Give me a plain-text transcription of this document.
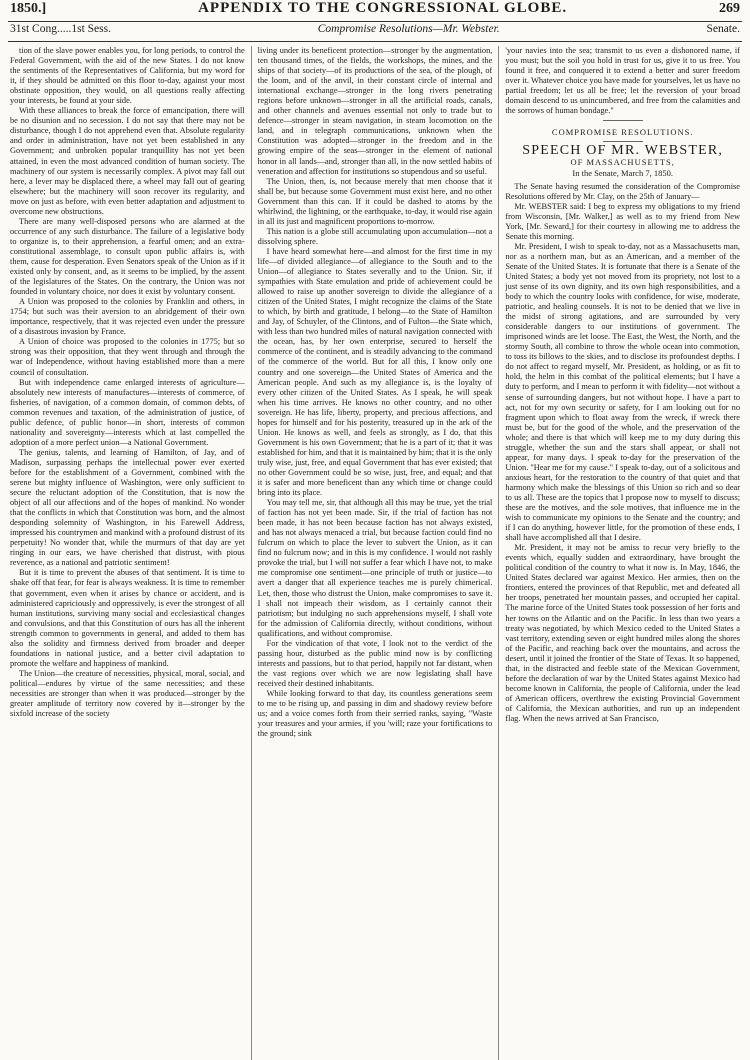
1850.]	APPENDIX TO THE CONGRESSIONAL GLOBE.	269
31st Cong.....1st Sess.	Compromise Resolutions—Mr. Webster.	Senate.

tion of the slave power enables you, for long periods, to control the Federal Government, with the aid of the new States. I do not know the sentiments of the Representatives of California, but my word for it, if they should be admitted on this floor to-day, against your most obstinate opposition, they would, on all questions really affecting your interests, be found at your side.

With these alliances to break the force of emancipation, there will be no disunion and no secession. I do not say that there may not be disturbance, though I do not apprehend even that. Absolute regularity and order in administration, have not yet been established in any Government; and unbroken popular tranquillity has not yet been attained, in even the most advanced condition of human society. The machinery of our system is necessarily complex. A pivot may fall out here, a lever may be displaced there, a wheel may fall out of gearing elsewhere; but the machinery will soon recover its regularity, and move on just as before, with even better adaptation and adjustment to overcome new obstructions.

There are many well-disposed persons who are alarmed at the occurrence of any such disturbance. The failure of a legislative body to organize is, to their apprehension, a fearful omen; and an extra-constitutional assemblage, to consult upon public affairs is, with them, cause for desperation. Even Senators speak of the Union as if it existed only by consent, and, as it seems to be implied, by the assent of the legislatures of the States. On the contrary, the Union was not founded in voluntary choice, nor does it exist by voluntary consent.

A Union was proposed to the colonies by Franklin and others, in 1754; but such was their aversion to an abridgement of their own importance, respectively, that it was rejected even under the pressure of a disastrous invasion by France.

A Union of choice was proposed to the colonies in 1775; but so strong was their opposition, that they went through and through the war of Independence, without having established more than a mere council of consultation.

But with independence came enlarged interests of agriculture—absolutely new interests of manufactures—interests of commerce, of fisheries, of navigation, of a common domain, of common debts, of common revenues and taxation, of the administration of justice, of public defence, of public honor—in short, interests of common nationality and sovereignty—interests which at last compelled the adoption of a more perfect union—a National Government.

The genius, talents, and learning of Hamilton, of Jay, and of Madison, surpassing perhaps the intellectual power ever exerted before for the establishment of a Government, combined with the serene but mighty influence of Washington, were only sufficient to secure the reluctant adoption of the Constitution, that is now the object of all our affections and of the hopes of mankind. No wonder that the conflicts in which that Constitution was born, and the almost desponding solemnity of Washington, in his Farewell Address, impressed his countrymen and mankind with a profound distrust of its perpetuity! No wonder that, while the murmurs of that day are yet ringing in our ears, we have cherished that distrust, with pious reverence, as a national and patriotic sentiment!

But it is time to prevent the abuses of that sentiment. It is time to shake off that fear, for fear is always weakness. It is time to remember that government, even when it arises by chance or accident, and is administered capriciously and oppressively, is ever the strongest of all human institutions, surviving many social and ecclesiastical changes and convulsions, and that this Constitution of ours has all the inherent strength common to governments in general, and added to them has also the solidity and firmness derived from broader and deeper foundations in national justice, and a better civil adaptation to promote the welfare and happiness of mankind.

The Union—the creature of necessities, physical, moral, social, and political—endures by virtue of the same necessities; and these necessities are stronger than when it was produced—stronger by the greater amplitude of territory now covered by it—stronger by the sixfold increase of the society

living under its beneficent protection—stronger by the augmentation, ten thousand times, of the fields, the workshops, the mines, and the ships of that society—of its productions of the sea, of the plough, of the loom, and of the anvil, in their constant circle of internal and international exchange—stronger in the long rivers penetrating regions before unknown—stronger in all the artificial roads, canals, and other channels and avenues essential not only to trade but to defence—stronger in steam navigation, in steam locomotion on the land, and in telegraph communications, unknown when the Constitution was adopted—stronger in the freedom and in the growing empire of the seas—stronger in the element of national honor in all lands—and, stronger than all, in the now settled habits of veneration and affection for institutions so stupendous and so useful.

The Union, then, is, not because merely that men choose that it shall be, but because some Government must exist here, and no other Government than this can. If it could be dashed to atoms by the whirlwind, the lightning, or the earthquake, to-day, it would rise again in all its just and magnificent proportions to-morrow.

This nation is a globe still accumulating upon accumulation—not a dissolving sphere.

I have heard somewhat here—and almost for the first time in my life—of divided allegiance—of allegiance to the South and to the Union—of allegiance to States severally and to the Union. Sir, if sympathies with State emulation and pride of achievement could be allowed to raise up another sovereign to divide the allegiance of a citizen of the United States, I might recognize the claims of the State to which, by birth and gratitude, I belong—to the State of Hamilton and Jay, of Schuyler, of the Clintons, and of Fulton—the State which, with less than two hundred miles of natural navigation connected with the ocean, has, by her own enterprise, secured to herself the commerce of the continent, and is steadily advancing to the command of the commerce of the world. But for all this, I know only one country and one sovereign—the United States of America and the American people. And such as my allegiance is, is the loyalty of every other citizen of the United States. As I speak, he will speak when his time arrives. He knows no other country, and no other sovereign. He has life, liberty, property, and precious affections, and hopes for himself and for his posterity, treasured up in the ark of the Union. He knows as well, and feels as strongly, as I do, that this Government is his own Government; that he is a part of it; that it was established for him, and that it is maintained by him; that it is the only truly wise, just, free, and equal Government that has ever existed; that no other Government could be so wise, just, free, and equal; and that it is safer and more beneficent than any which time or change could bring into its place.

You may tell me, sir, that although all this may be true, yet the trial of faction has not yet been made. Sir, if the trial of faction has not been made, it has not been because faction has not always existed, and has not always menaced a trial, but because faction could find no fulcrum on which to place the lever to subvert the Union, as it can find no fulcrum now; and in this is my confidence. I would not rashly provoke the trial, but I will not suffer a fear which I have not, to make me compromise one sentiment—one principle of truth or justice—to avert a danger that all experience teaches me is purely chimerical. Let, then, those who distrust the Union, make compromises to save it. I shall not impeach their wisdom, as I certainly cannot their patriotism; but indulging no such apprehensions myself, I shall vote for the admission of California directly, without conditions, without qualifications, and without compromise.

For the vindication of that vote, I look not to the verdict of the passing hour, disturbed as the public mind now is by conflicting interests and passions, but to that period, happily not far distant, when the vast regions over which we are now legislating shall have received their destined inhabitants.

While looking forward to that day, its countless generations seem to me to be rising up, and passing in dim and shadowy review before us; and a voice comes forth from their serried ranks, saying, "Waste your treasures and your armies, if you 'will; raze your fortifications to the ground; sink

'your navies into the sea; transmit to us even a dishonored name, if you must; but the soil you hold in trust for us, give it to us free. You found it free, and conquered it to extend a better and surer freedom over it. Whatever choice you have made for yourselves, let us have no partial freedom; let us all be free; let the reversion of your broad domain descend to us unincumbered, and free from the calamities and the sorrows of human bondage."

COMPROMISE RESOLUTIONS.
SPEECH OF MR. WEBSTER,
OF MASSACHUSETTS,
In the Senate, March 7, 1850.

The Senate having resumed the consideration of the Compromise Resolutions offered by Mr. Clay, on the 25th of January—

Mr. WEBSTER said: I beg to express my obligations to my friend from Wisconsin, [Mr. Walker,] as well as to my friend from New York, [Mr. Seward,] for their courtesy in allowing me to address the Senate this morning.

Mr. President, I wish to speak to-day, not as a Massachusetts man, nor as a northern man, but as an American, and a member of the Senate of the United States. It is fortunate that there is a Senate of the United States; a body yet not moved from its propriety, not lost to a just sense of its own dignity, and its own high responsibilities, and a body to which the country looks with confidence, for wise, moderate, patriotic, and healing counsels. It is not to be denied that we live in the midst of strong agitations, and are surrounded by very considerable dangers to our institutions of government. The imprisoned winds are let loose. The East, the West, the North, and the stormy South, all combine to throw the whole ocean into commotion, to toss its billows to the skies, and to disclose its profoundest depths. I do not affect to regard myself, Mr. President, as holding, or as fit to hold, the helm in this combat of the political elements; but I have a duty to perform, and I mean to perform it with fidelity—not without a sense of surrounding dangers, but not without hope. I have a part to act, not for my own security or safety, for I am looking out for no fragment upon which to float away from the wreck, if wreck there must be, but for the good of the whole, and the preservation of the whole; and there is that which will keep me to my duty during this struggle, whether the sun and the stars shall appear, or shall not appear, for many days. I speak to-day for the preservation of the Union. "Hear me for my cause." I speak to-day, out of a solicitous and anxious heart, for the restoration to the country of that quiet and that harmony which make the blessings of this Union so rich and so dear to us all. These are the topics that I propose now to myself to discuss; these are the motives, and the sole motives, that influence me in the wish to communicate my opinions to the Senate and the country; and if I can do anything, however little, for the promotion of these ends, I shall have accomplished all that I desire.

Mr. President, it may not be amiss to recur very briefly to the events which, equally sudden and extraordinary, have brought the political condition of the country to what it now is. In May, 1846, the United States declared war against Mexico. Her armies, then on the frontiers, entered the provinces of that Republic, met and defeated all her troops, penetrated her mountain passes, and occupied her capital. The marine force of the United States took possession of her forts and her towns on the Atlantic and on the Pacific. In less than two years a treaty was negotiated, by which Mexico ceded to the United States a vast territory, extending seven or eight hundred miles along the shores of the Pacific, and reaching back over the mountains, and across the desert, until it joined the frontier of the State of Texas. It so happened, that, in the distracted and feeble state of the Mexican Government, before the declaration of war by the United States against Mexico had become known in California, the people of California, under the lead of American officers, overthrew the existing Provincial Government of California, the Mexican authorities, and run up an independent flag. When the news arrived at San Francisco,
